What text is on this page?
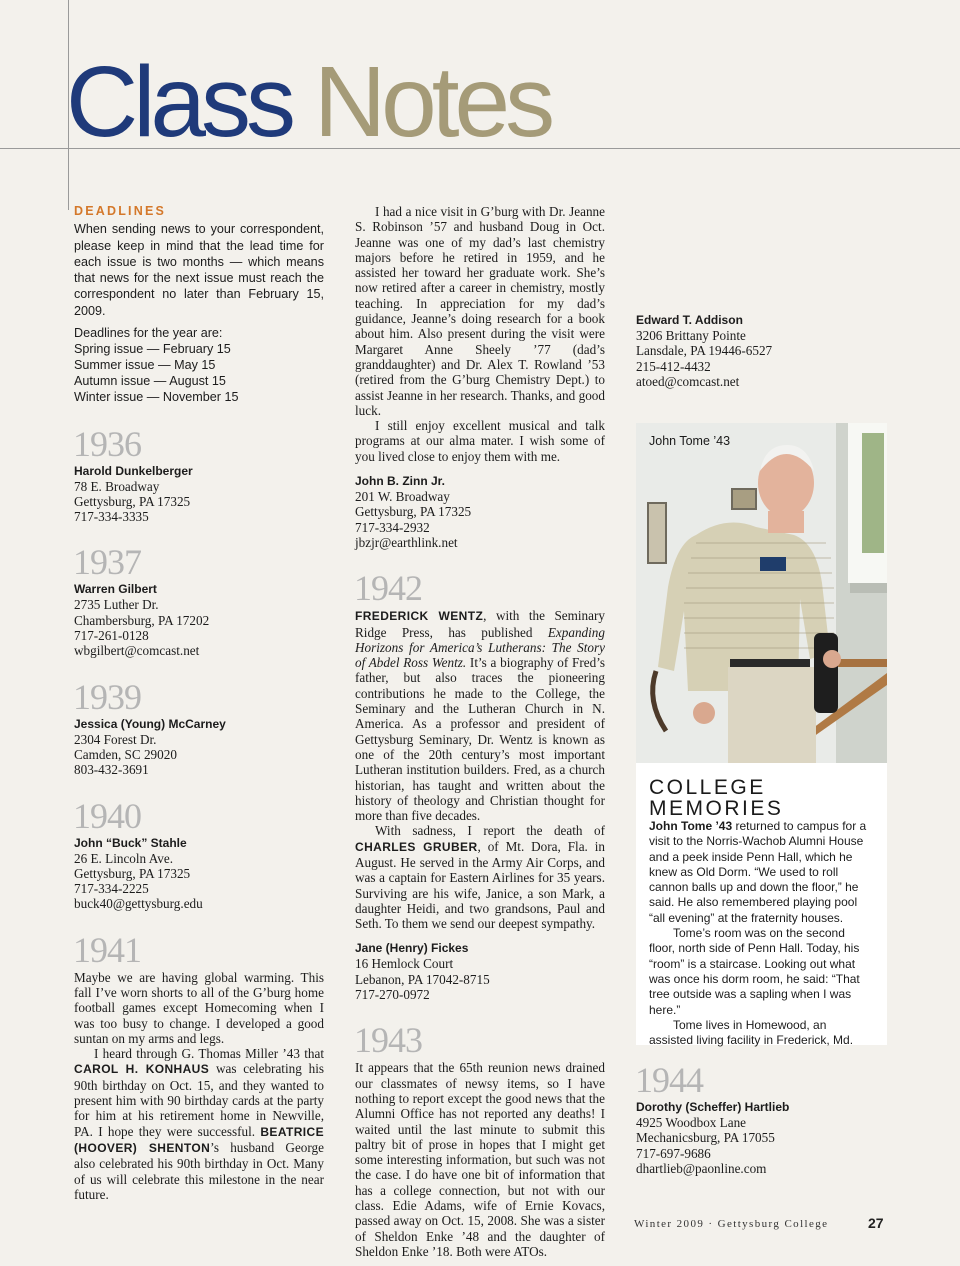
Class Notes
DEADLINES

When sending news to your correspondent, please keep in mind that the lead time for each issue is two months — which means that news for the next issue must reach the correspondent no later than February 15, 2009.

Deadlines for the year are:
Spring issue — February 15
Summer issue — May 15
Autumn issue — August 15
Winter issue — November 15
1936
Harold Dunkelberger
78 E. Broadway
Gettysburg, PA 17325
717-334-3335
1937
Warren Gilbert
2735 Luther Dr.
Chambersburg, PA 17202
717-261-0128
wbgilbert@comcast.net
1939
Jessica (Young) McCarney
2304 Forest Dr.
Camden, SC 29020
803-432-3691
1940
John “Buck” Stahle
26 E. Lincoln Ave.
Gettysburg, PA 17325
717-334-2225
buck40@gettysburg.edu
1941

Maybe we are having global warming. This fall I’ve worn shorts to all of the G’burg home football games except Homecoming when I was too busy to change. I developed a good suntan on my arms and legs.

I heard through G. Thomas Miller ’43 that CAROL H. KONHAUS was celebrating his 90th birthday on Oct. 15, and they wanted to present him with 90 birthday cards at the party for him at his retirement home in Newville, PA. I hope they were successful. BEATRICE (HOOVER) SHENTON’s husband George also celebrated his 90th birthday in Oct. Many of us will celebrate this milestone in the near future.

I had a nice visit in G’burg with Dr. Jeanne S. Robinson ’57 and husband Doug in Oct. Jeanne was one of my dad’s last chemistry majors before he retired in 1959, and he assisted her toward her graduate work. She’s now retired after a career in chemistry, mostly teaching. In appreciation for my dad’s guidance, Jeanne’s doing research for a book about him. Also present during the visit were Margaret Anne Sheely ’77 (dad’s granddaughter) and Dr. Alex T. Rowland ’53 (retired from the G’burg Chemistry Dept.) to assist Jeanne in her research. Thanks, and good luck.

I still enjoy excellent musical and talk programs at our alma mater. I wish some of you lived close to enjoy them with me.

John B. Zinn Jr.
201 W. Broadway
Gettysburg, PA 17325
717-334-2932
jbzjr@earthlink.net
1942

FREDERICK WENTZ, with the Seminary Ridge Press, has published Expanding Horizons for America’s Lutherans: The Story of Abdel Ross Wentz. It’s a biography of Fred’s father, but also traces the pioneering contributions he made to the College, the Seminary and the Lutheran Church in N. America. As a professor and president of Gettysburg Seminary, Dr. Wentz is known as one of the 20th century’s most important Lutheran institution builders. Fred, as a church historian, has taught and written about the history of theology and Christian thought for more than five decades.

With sadness, I report the death of CHARLES GRUBER, of Mt. Dora, Fla. in August. He served in the Army Air Corps, and was a captain for Eastern Airlines for 35 years. Surviving are his wife, Janice, a son Mark, a daughter Heidi, and two grandsons, Paul and Seth. To them we send our deepest sympathy.

Jane (Henry) Fickes
16 Hemlock Court
Lebanon, PA 17042-8715
717-270-0972
1943

It appears that the 65th reunion news drained our classmates of newsy items, so I have nothing to report except the good news that the Alumni Office has not reported any deaths! I waited until the last minute to submit this paltry bit of prose in hopes that I might get some interesting information, but such was not the case. I do have one bit of information that has a college connection, but not with our class. Edie Adams, wife of Ernie Kovacs, passed away on Oct. 15, 2008. She was a sister of Sheldon Enke ’48 and the daughter of Sheldon Enke ’18. Both were ATOs.

Edward T. Addison
3206 Brittany Pointe
Lansdale, PA 19446-6527
215-412-4432
atoed@comcast.net
John Tome ’43
COLLEGE
MEMORIES

John Tome ’43 returned to campus for a visit to the Norris-Wachob Alumni House and a peek inside Penn Hall, which he knew as Old Dorm. “We used to roll cannon balls up and down the floor,” he said. He also remembered playing pool “all evening” at the fraternity houses.

Tome’s room was on the second floor, north side of Penn Hall. Today, his “room” is a staircase. Looking out what was once his dorm room, he said: “That tree outside was a sapling when I was here.”

Tome lives in Homewood, an assisted living facility in Frederick, Md.

1944
Dorothy (Scheffer) Hartlieb
4925 Woodbox Lane
Mechanicsburg, PA 17055
717-697-9686
dhartlieb@paonline.com
Winter 2009 · Gettysburg College	27
